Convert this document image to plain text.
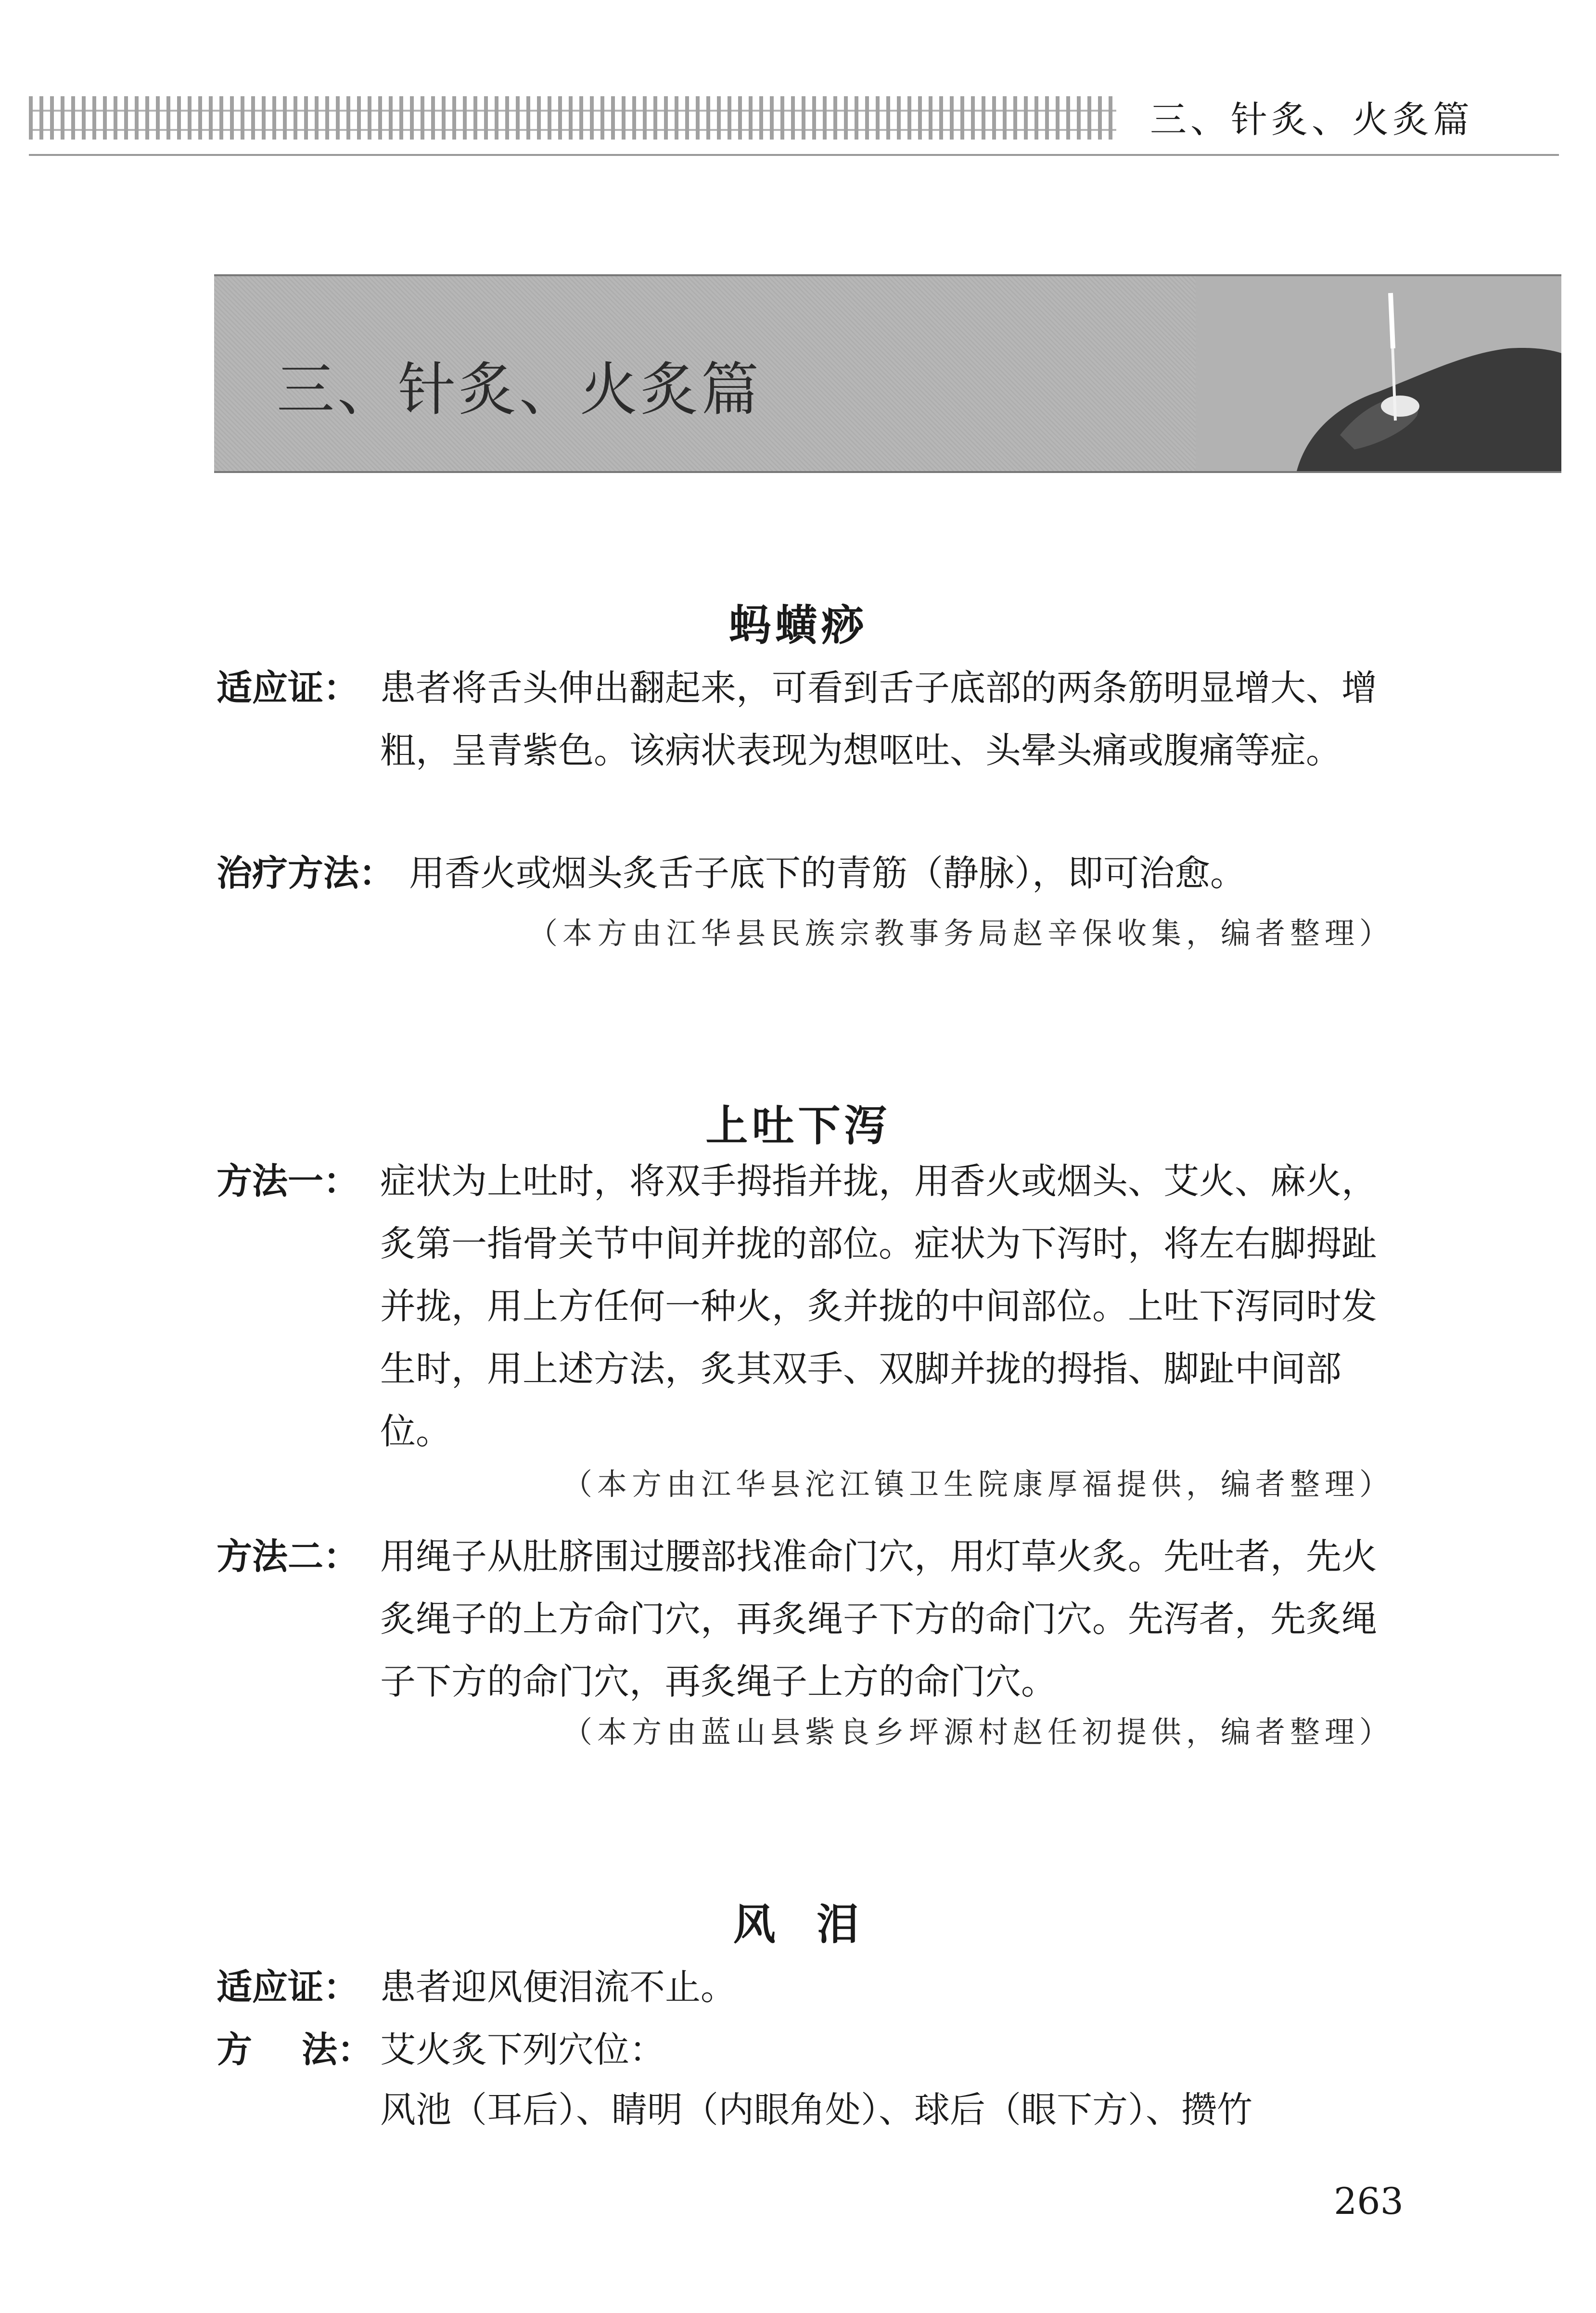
三、针炙、火炙篇
三、针炙、火炙篇
蚂蟥痧
适应证： 患者将舌头伸出翻起来，可看到舌子底部的两条筋明显增大、增粗，呈青紫色。该病状表现为想呕吐、头晕头痛或腹痛等症。
治疗方法： 用香火或烟头炙舌子底下的青筋（静脉），即可治愈。
（本方由江华县民族宗教事务局赵辛保收集，编者整理）
上吐下泻
方法一： 症状为上吐时，将双手拇指并拢，用香火或烟头、艾火、麻火，炙第一指骨关节中间并拢的部位。症状为下泻时，将左右脚拇趾并拢，用上方任何一种火，炙并拢的中间部位。上吐下泻同时发生时，用上述方法，炙其双手、双脚并拢的拇指、脚趾中间部位。
（本方由江华县沱江镇卫生院康厚福提供，编者整理）
方法二： 用绳子从肚脐围过腰部找准命门穴，用灯草火炙。先吐者，先火炙绳子的上方命门穴，再炙绳子下方的命门穴。先泻者，先炙绳子下方的命门穴，再炙绳子上方的命门穴。
（本方由蓝山县紫良乡坪源村赵任初提供，编者整理）
风  泪
适应证： 患者迎风便泪流不止。
方    法： 艾火炙下列穴位：
风池（耳后）、睛明（内眼角处）、球后（眼下方）、攒竹
263
